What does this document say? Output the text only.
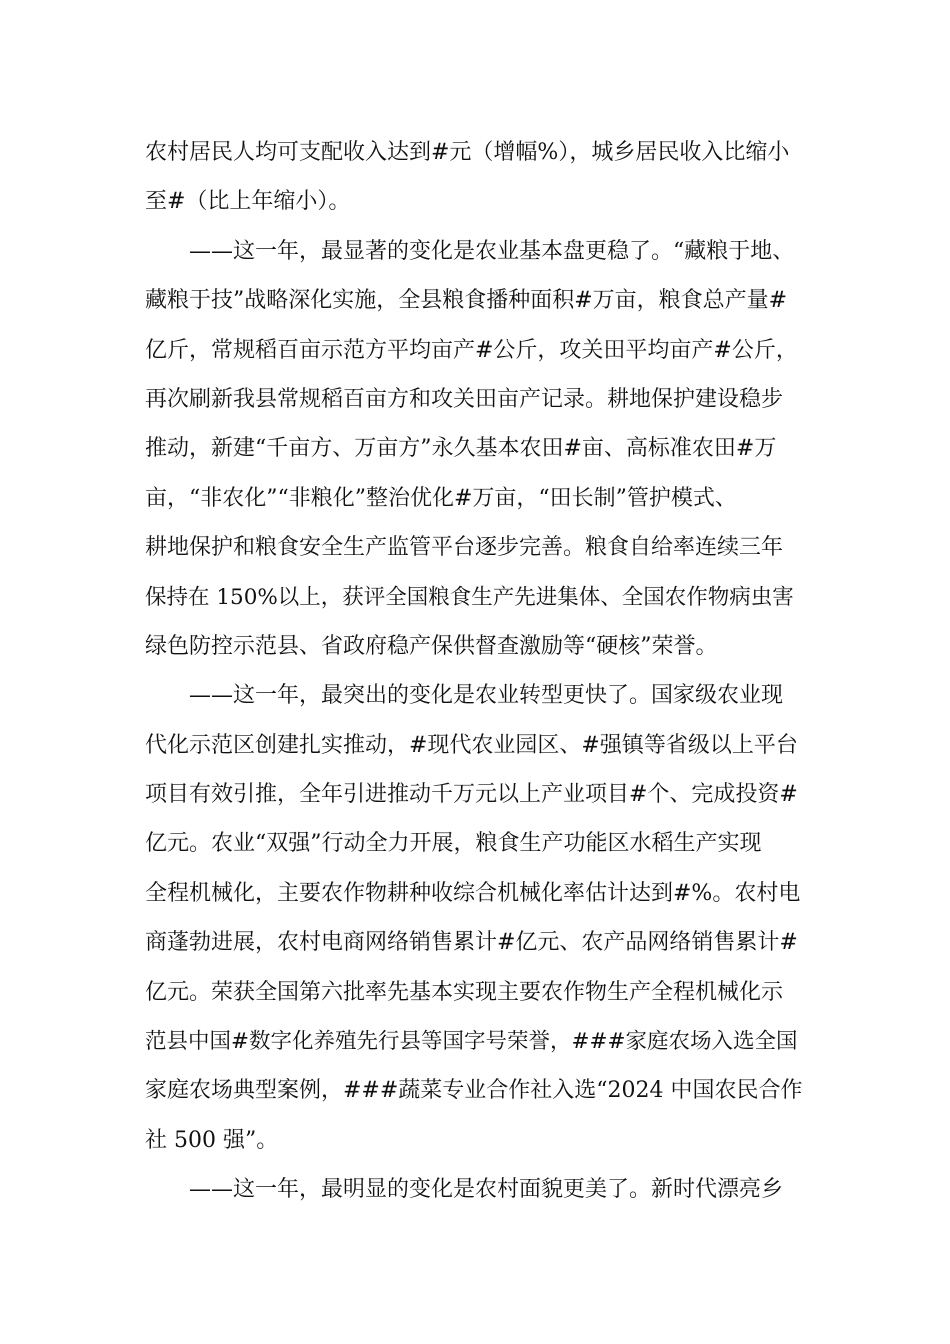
农村居民人均可支配收入达到#元（增幅%），城乡居民收入比缩小
至#（比上年缩小）。
　　——这一年，最显著的变化是农业基本盘更稳了。“藏粮于地、
藏粮于技”战略深化实施，全县粮食播种面积#万亩，粮食总产量#
亿斤，常规稻百亩示范方平均亩产#公斤，攻关田平均亩产#公斤，
再次刷新我县常规稻百亩方和攻关田亩产记录。耕地保护建设稳步
推动，新建“千亩方、万亩方”永久基本农田#亩、高标准农田#万
亩，“非农化”“非粮化”整治优化#万亩，“田长制”管护模式、
耕地保护和粮食安全生产监管平台逐步完善。粮食自给率连续三年
保持在 150%以上，获评全国粮食生产先进集体、全国农作物病虫害
绿色防控示范县、省政府稳产保供督查激励等“硬核”荣誉。
　　——这一年，最突出的变化是农业转型更快了。国家级农业现
代化示范区创建扎实推动，#现代农业园区、#强镇等省级以上平台
项目有效引推，全年引进推动千万元以上产业项目#个、完成投资#
亿元。农业“双强”行动全力开展，粮食生产功能区水稻生产实现
全程机械化，主要农作物耕种收综合机械化率估计达到#%。农村电
商蓬勃进展，农村电商网络销售累计#亿元、农产品网络销售累计#
亿元。荣获全国第六批率先基本实现主要农作物生产全程机械化示
范县中国#数字化养殖先行县等国字号荣誉，###家庭农场入选全国
家庭农场典型案例，###蔬菜专业合作社入选“2024 中国农民合作
社 500 强”。
　　——这一年，最明显的变化是农村面貌更美了。新时代漂亮乡
